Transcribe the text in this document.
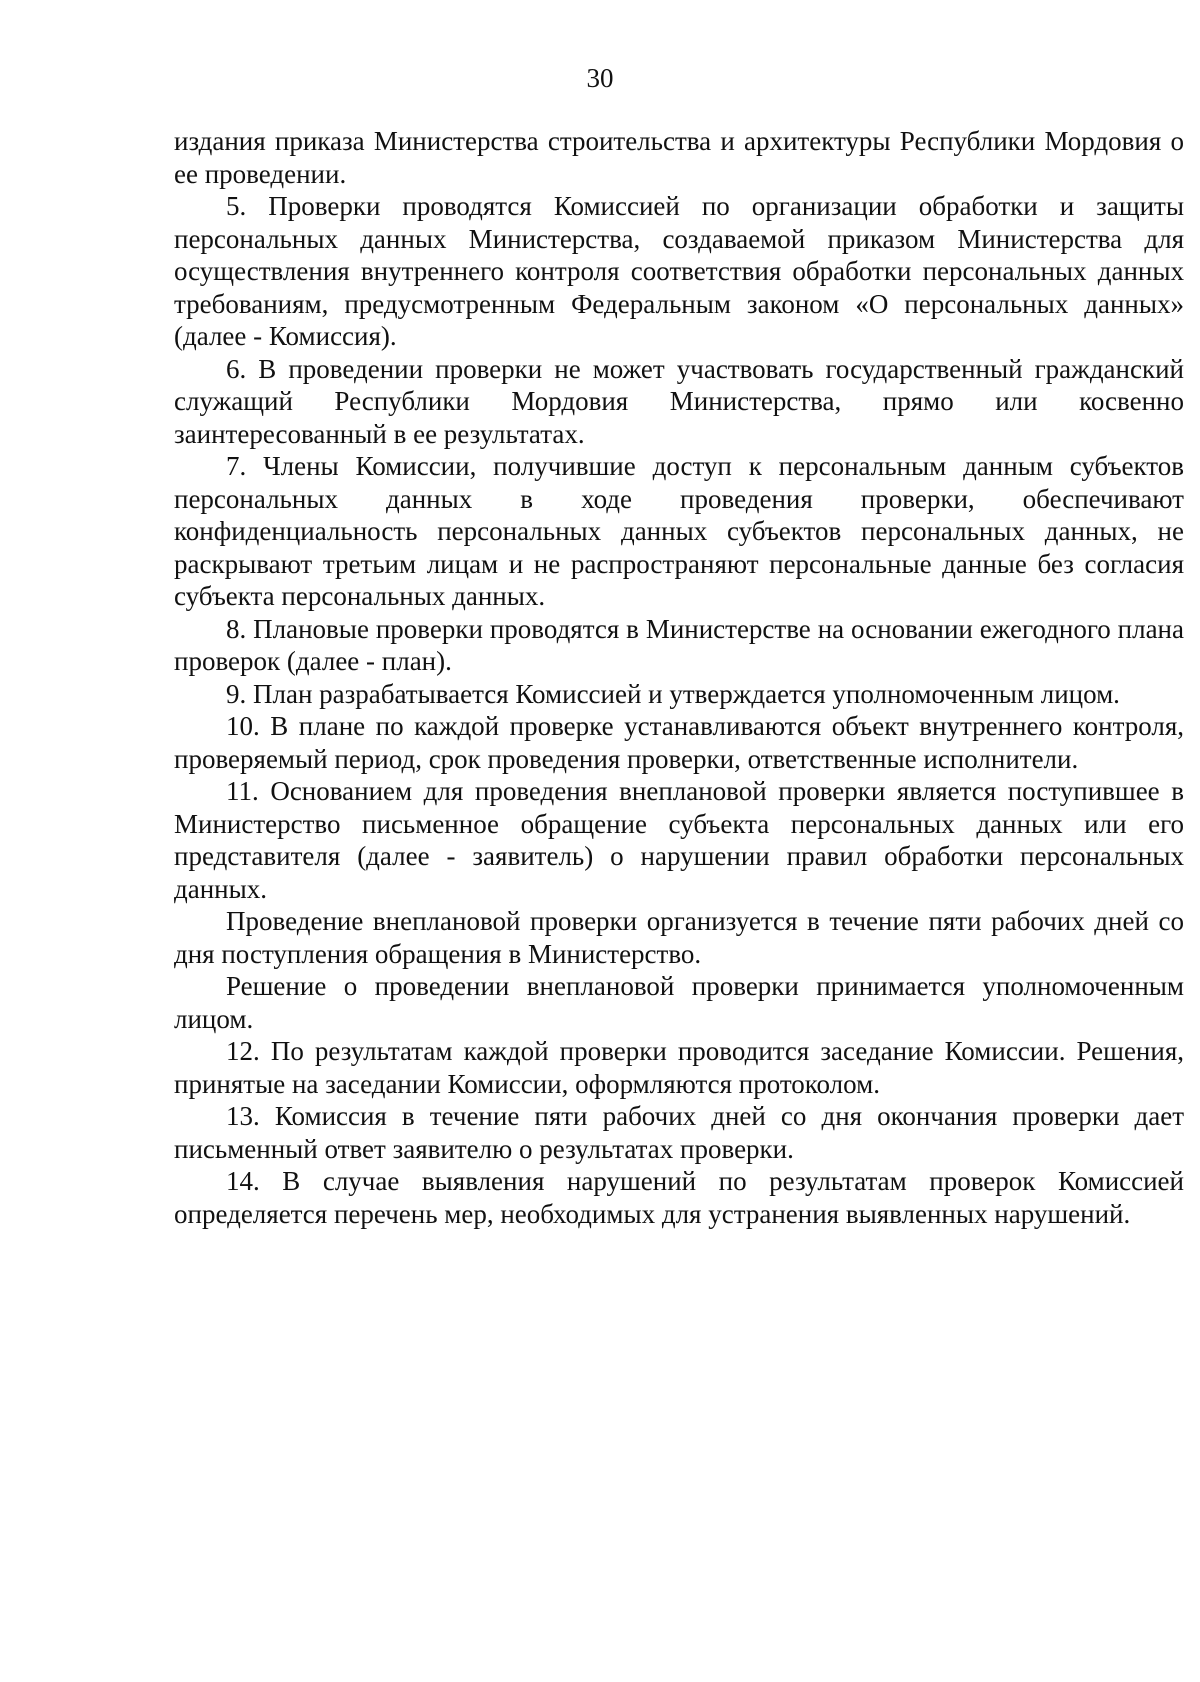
30

издания приказа Министерства строительства и архитектуры Республики Мордовия о ее проведении.

5. Проверки проводятся Комиссией по организации обработки и защиты персональных данных Министерства, создаваемой приказом Министерства для осуществления внутреннего контроля соответствия обработки персональных данных требованиям, предусмотренным Федеральным законом «О персональных данных» (далее - Комиссия).

6. В проведении проверки не может участвовать государственный гражданский служащий Республики Мордовия Министерства, прямо или косвенно заинтересованный в ее результатах.

7. Члены Комиссии, получившие доступ к персональным данным субъектов персональных данных в ходе проведения проверки, обеспечивают конфиденциальность персональных данных субъектов персональных данных, не раскрывают третьим лицам и не распространяют персональные данные без согласия субъекта персональных данных.

8. Плановые проверки проводятся в Министерстве на основании ежегодного плана проверок (далее - план).

9. План разрабатывается Комиссией и утверждается уполномоченным лицом.

10. В плане по каждой проверке устанавливаются объект внутреннего контроля, проверяемый период, срок проведения проверки, ответственные исполнители.

11. Основанием для проведения внеплановой проверки является поступившее в Министерство письменное обращение субъекта персональных данных или его представителя (далее - заявитель) о нарушении правил обработки персональных данных.

Проведение внеплановой проверки организуется в течение пяти рабочих дней со дня поступления обращения в Министерство.

Решение о проведении внеплановой проверки принимается уполномоченным лицом.

12. По результатам каждой проверки проводится заседание Комиссии. Решения, принятые на заседании Комиссии, оформляются протоколом.

13. Комиссия в течение пяти рабочих дней со дня окончания проверки дает письменный ответ заявителю о результатах проверки.

14. В случае выявления нарушений по результатам проверок Комиссией определяется перечень мер, необходимых для устранения выявленных нарушений.
